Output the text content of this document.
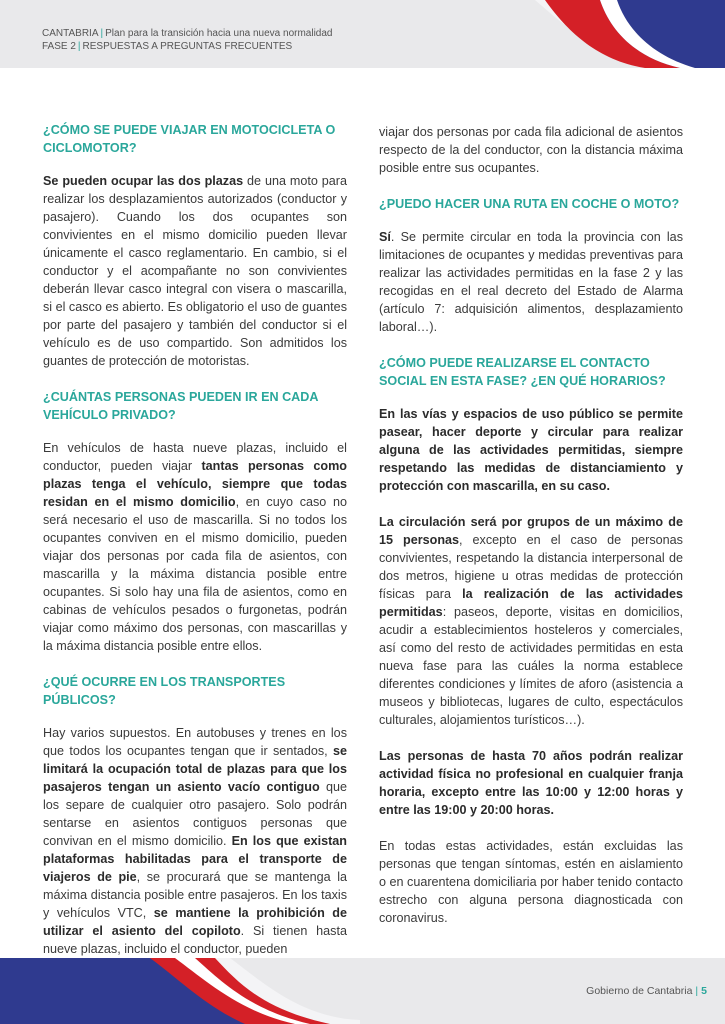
CANTABRIA | Plan para la transición hacia una nueva normalidad
FASE 2 | RESPUESTAS A PREGUNTAS FRECUENTES
¿CÓMO SE PUEDE VIAJAR EN MOTOCICLETA O CICLOMOTOR?

Se pueden ocupar las dos plazas de una moto para realizar los desplazamientos autorizados (conductor y pasajero). Cuando los dos ocupantes son convivientes en el mismo domicilio pueden llevar únicamente el casco reglamentario. En cambio, si el conductor y el acompañante no son convivientes deberán llevar casco integral con visera o mascarilla, si el casco es abierto. Es obligatorio el uso de guantes por parte del pasajero y también del conductor si el vehículo es de uso compartido. Son admitidos los guantes de protección de motoristas.

¿CUÁNTAS PERSONAS PUEDEN IR EN CADA VEHÍCULO PRIVADO?

En vehículos de hasta nueve plazas, incluido el conductor, pueden viajar tantas personas como plazas tenga el vehículo, siempre que todas residan en el mismo domicilio, en cuyo caso no será necesario el uso de mascarilla. Si no todos los ocupantes conviven en el mismo domicilio, pueden viajar dos personas por cada fila de asientos, con mascarilla y la máxima distancia posible entre ocupantes. Si solo hay una fila de asientos, como en cabinas de vehículos pesados o furgonetas, podrán viajar como máximo dos personas, con mascarillas y la máxima distancia posible entre ellos.

¿QUÉ OCURRE EN LOS TRANSPORTES PÚBLICOS?

Hay varios supuestos. En autobuses y trenes en los que todos los ocupantes tengan que ir sentados, se limitará la ocupación total de plazas para que los pasajeros tengan un asiento vacío contiguo que los separe de cualquier otro pasajero. Solo podrán sentarse en asientos contiguos personas que convivan en el mismo domicilio. En los que existan plataformas habilitadas para el transporte de viajeros de pie, se procurará que se mantenga la máxima distancia posible entre pasajeros. En los taxis y vehículos VTC, se mantiene la prohibición de utilizar el asiento del copiloto. Si tienen hasta nueve plazas, incluido el conductor, pueden

viajar dos personas por cada fila adicional de asientos respecto de la del conductor, con la distancia máxima posible entre sus ocupantes.

¿PUEDO HACER UNA RUTA EN COCHE O MOTO?

Sí. Se permite circular en toda la provincia con las limitaciones de ocupantes y medidas preventivas para realizar las actividades permitidas en la fase 2 y las recogidas en el real decreto del Estado de Alarma (artículo 7: adquisición alimentos, desplazamiento laboral…).

¿CÓMO PUEDE REALIZARSE EL CONTACTO SOCIAL EN ESTA FASE? ¿EN QUÉ HORARIOS?

En las vías y espacios de uso público se permite pasear, hacer deporte y circular para realizar alguna de las actividades permitidas, siempre respetando las medidas de distanciamiento y protección con mascarilla, en su caso.

La circulación será por grupos de un máximo de 15 personas, excepto en el caso de personas convivientes, respetando la distancia interpersonal de dos metros, higiene u otras medidas de protección físicas para la realización de las actividades permitidas: paseos, deporte, visitas en domicilios, acudir a establecimientos hosteleros y comerciales, así como del resto de actividades permitidas en esta nueva fase para las cuáles la norma establece diferentes condiciones y límites de aforo (asistencia a museos y bibliotecas, lugares de culto, espectáculos culturales, alojamientos turísticos…).

Las personas de hasta 70 años podrán realizar actividad física no profesional en cualquier franja horaria, excepto entre las 10:00 y 12:00 horas y entre las 19:00 y 20:00 horas.

En todas estas actividades, están excluidas las personas que tengan síntomas, estén en aislamiento o en cuarentena domiciliaria por haber tenido contacto estrecho con alguna persona diagnosticada con coronavirus.

Gobierno de Cantabria | 5
